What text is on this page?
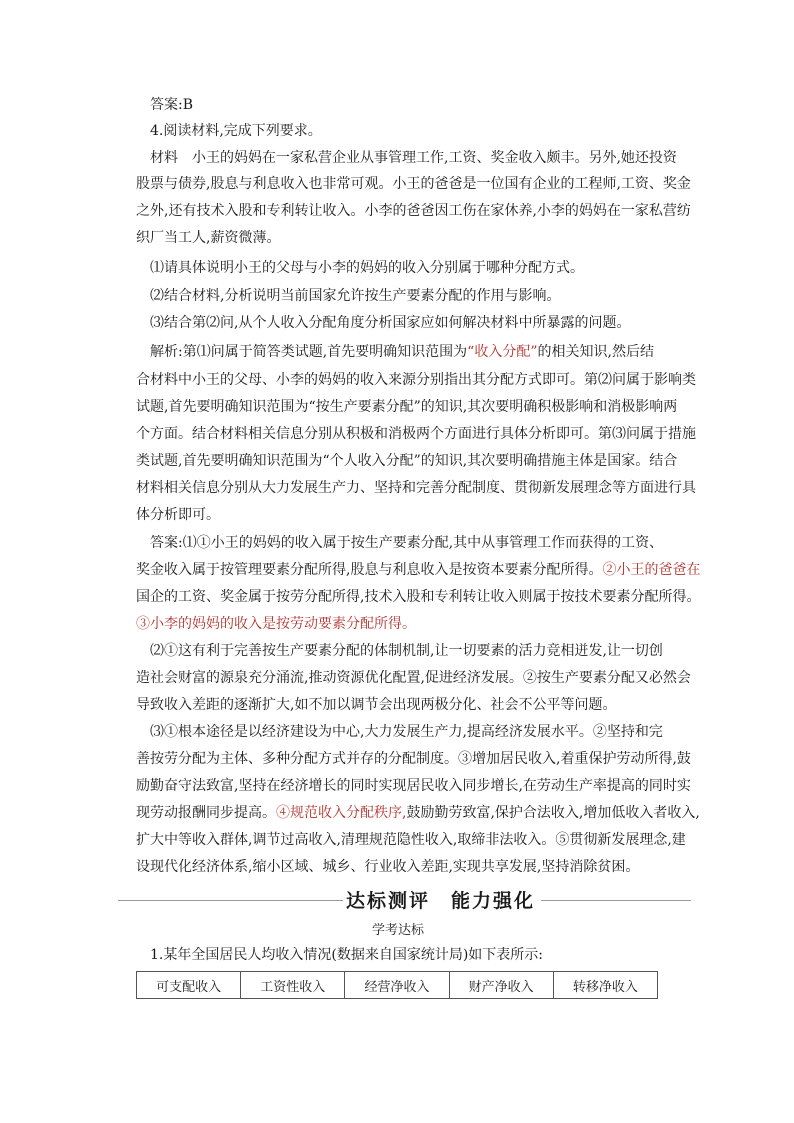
答案:B
4.阅读材料,完成下列要求。
材料　小王的妈妈在一家私营企业从事管理工作,工资、奖金收入颇丰。另外,她还投资
股票与债券,股息与利息收入也非常可观。小王的爸爸是一位国有企业的工程师,工资、奖金
之外,还有技术入股和专利转让收入。小李的爸爸因工伤在家休养,小李的妈妈在一家私营纺
织厂当工人,薪资微薄。
⑴请具体说明小王的父母与小李的妈妈的收入分别属于哪种分配方式。
⑵结合材料,分析说明当前国家允许按生产要素分配的作用与影响。
⑶结合第⑵问,从个人收入分配角度分析国家应如何解决材料中所暴露的问题。
解析:第⑴问属于简答类试题,首先要明确知识范围为“收入分配”的相关知识,然后结
合材料中小王的父母、小李的妈妈的收入来源分别指出其分配方式即可。第⑵问属于影响类
试题,首先要明确知识范围为“按生产要素分配”的知识,其次要明确积极影响和消极影响两
个方面。结合材料相关信息分别从积极和消极两个方面进行具体分析即可。第⑶问属于措施
类试题,首先要明确知识范围为“个人收入分配”的知识,其次要明确措施主体是国家。结合
材料相关信息分别从大力发展生产力、坚持和完善分配制度、贯彻新发展理念等方面进行具
体分析即可。
答案:⑴①小王的妈妈的收入属于按生产要素分配,其中从事管理工作而获得的工资、
奖金收入属于按管理要素分配所得,股息与利息收入是按资本要素分配所得。②小王的爸爸在
国企的工资、奖金属于按劳分配所得,技术入股和专利转让收入则属于按技术要素分配所得。
③小李的妈妈的收入是按劳动要素分配所得。
⑵①这有利于完善按生产要素分配的体制机制,让一切要素的活力竞相迸发,让一切创
造社会财富的源泉充分涌流,推动资源优化配置,促进经济发展。②按生产要素分配又必然会
导致收入差距的逐渐扩大,如不加以调节会出现两极分化、社会不公平等问题。
⑶①根本途径是以经济建设为中心,大力发展生产力,提高经济发展水平。②坚持和完
善按劳分配为主体、多种分配方式并存的分配制度。③增加居民收入,着重保护劳动所得,鼓
励勤奋守法致富,坚持在经济增长的同时实现居民收入同步增长,在劳动生产率提高的同时实
现劳动报酬同步提高。④规范收入分配秩序,鼓励勤劳致富,保护合法收入,增加低收入者收入,
扩大中等收入群体,调节过高收入,清理规范隐性收入,取缔非法收入。⑤贯彻新发展理念,建
设现代化经济体系,缩小区域、城乡、行业收入差距,实现共享发展,坚持消除贫困。
达标测评　能力强化
学考达标
1.某年全国居民人均收入情况(数据来自国家统计局)如下表所示:
可支配收入	工资性收入	经营净收入	财产净收入	转移净收入
